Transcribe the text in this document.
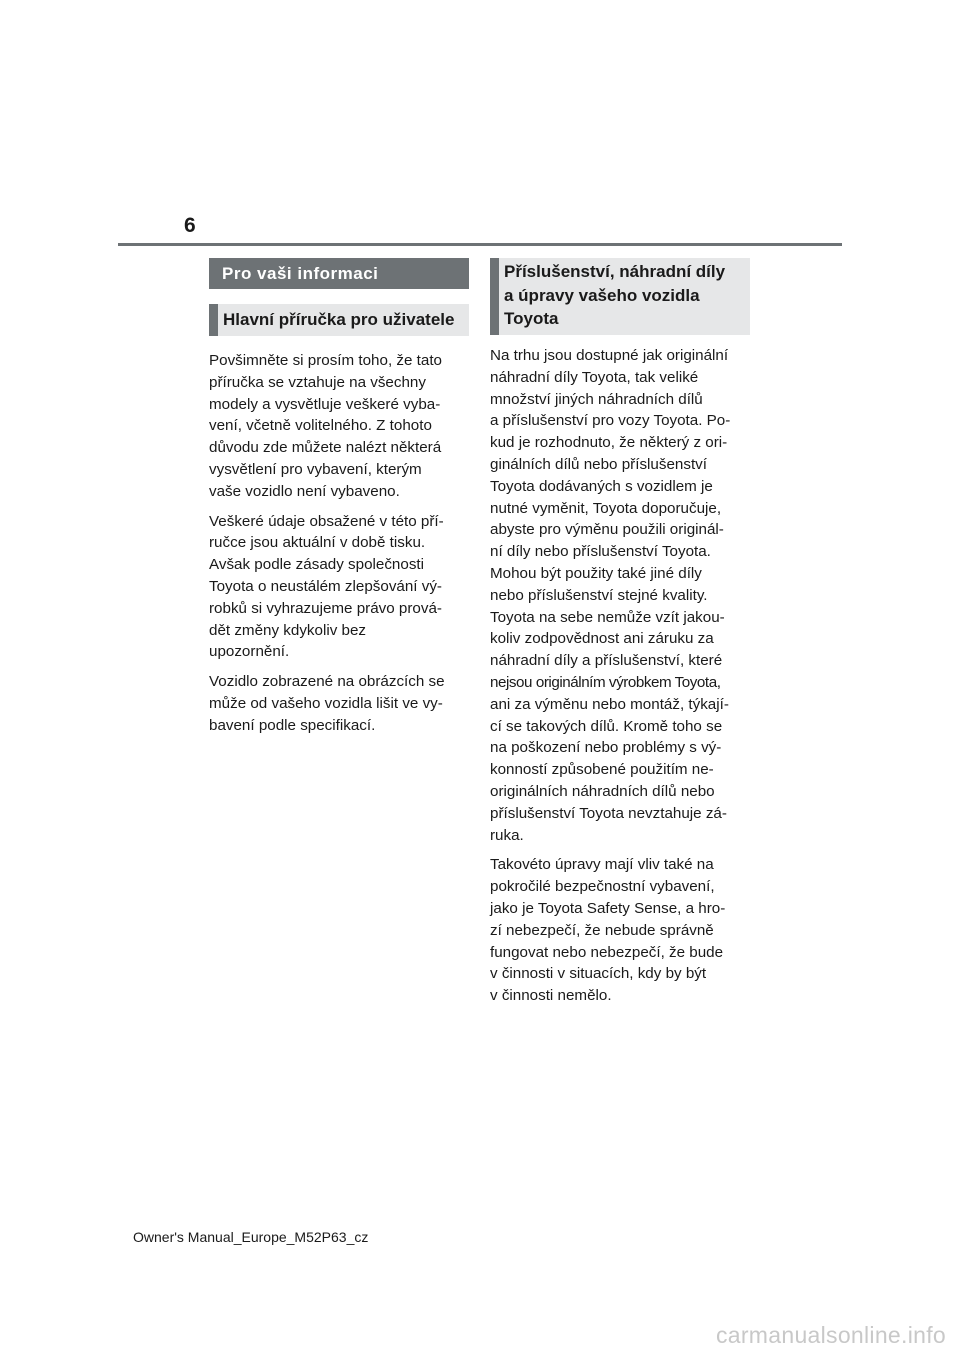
6
Pro vaši informaci
Hlavní příručka pro uživatele

Povšimněte si prosím toho, že tato
příručka se vztahuje na všechny
modely a vysvětluje veškeré vyba-
vení, včetně volitelného. Z tohoto
důvodu zde můžete nalézt některá
vysvětlení pro vybavení, kterým
vaše vozidlo není vybaveno.

Veškeré údaje obsažené v této pří-
ručce jsou aktuální v době tisku.
Avšak podle zásady společnosti
Toyota o neustálém zlepšování vý-
robků si vyhrazujeme právo prová-
dět změny kdykoliv bez
upozornění.

Vozidlo zobrazené na obrázcích se
může od vašeho vozidla lišit ve vy-
bavení podle specifikací.

Příslušenství, náhradní díly
a úpravy vašeho vozidla
Toyota

Na trhu jsou dostupné jak originální
náhradní díly Toyota, tak veliké
množství jiných náhradních dílů
a příslušenství pro vozy Toyota. Po-
kud je rozhodnuto, že některý z ori-
ginálních dílů nebo příslušenství
Toyota dodávaných s vozidlem je
nutné vyměnit, Toyota doporučuje,
abyste pro výměnu použili originál-
ní díly nebo příslušenství Toyota.
Mohou být použity také jiné díly
nebo příslušenství stejné kvality.
Toyota na sebe nemůže vzít jakou-
koliv zodpovědnost ani záruku za
náhradní díly a příslušenství, které
nejsou originálním výrobkem Toyota,
ani za výměnu nebo montáž, týkají-
cí se takových dílů. Kromě toho se
na poškození nebo problémy s vý-
konností způsobené použitím ne-
originálních náhradních dílů nebo
příslušenství Toyota nevztahuje zá-
ruka.

Takovéto úpravy mají vliv také na
pokročilé bezpečnostní vybavení,
jako je Toyota Safety Sense, a hro-
zí nebezpečí, že nebude správně
fungovat nebo nebezpečí, že bude
v činnosti v situacích, kdy by být
v činnosti nemělo.

Owner's Manual_Europe_M52P63_cz
carmanualsonline.info
